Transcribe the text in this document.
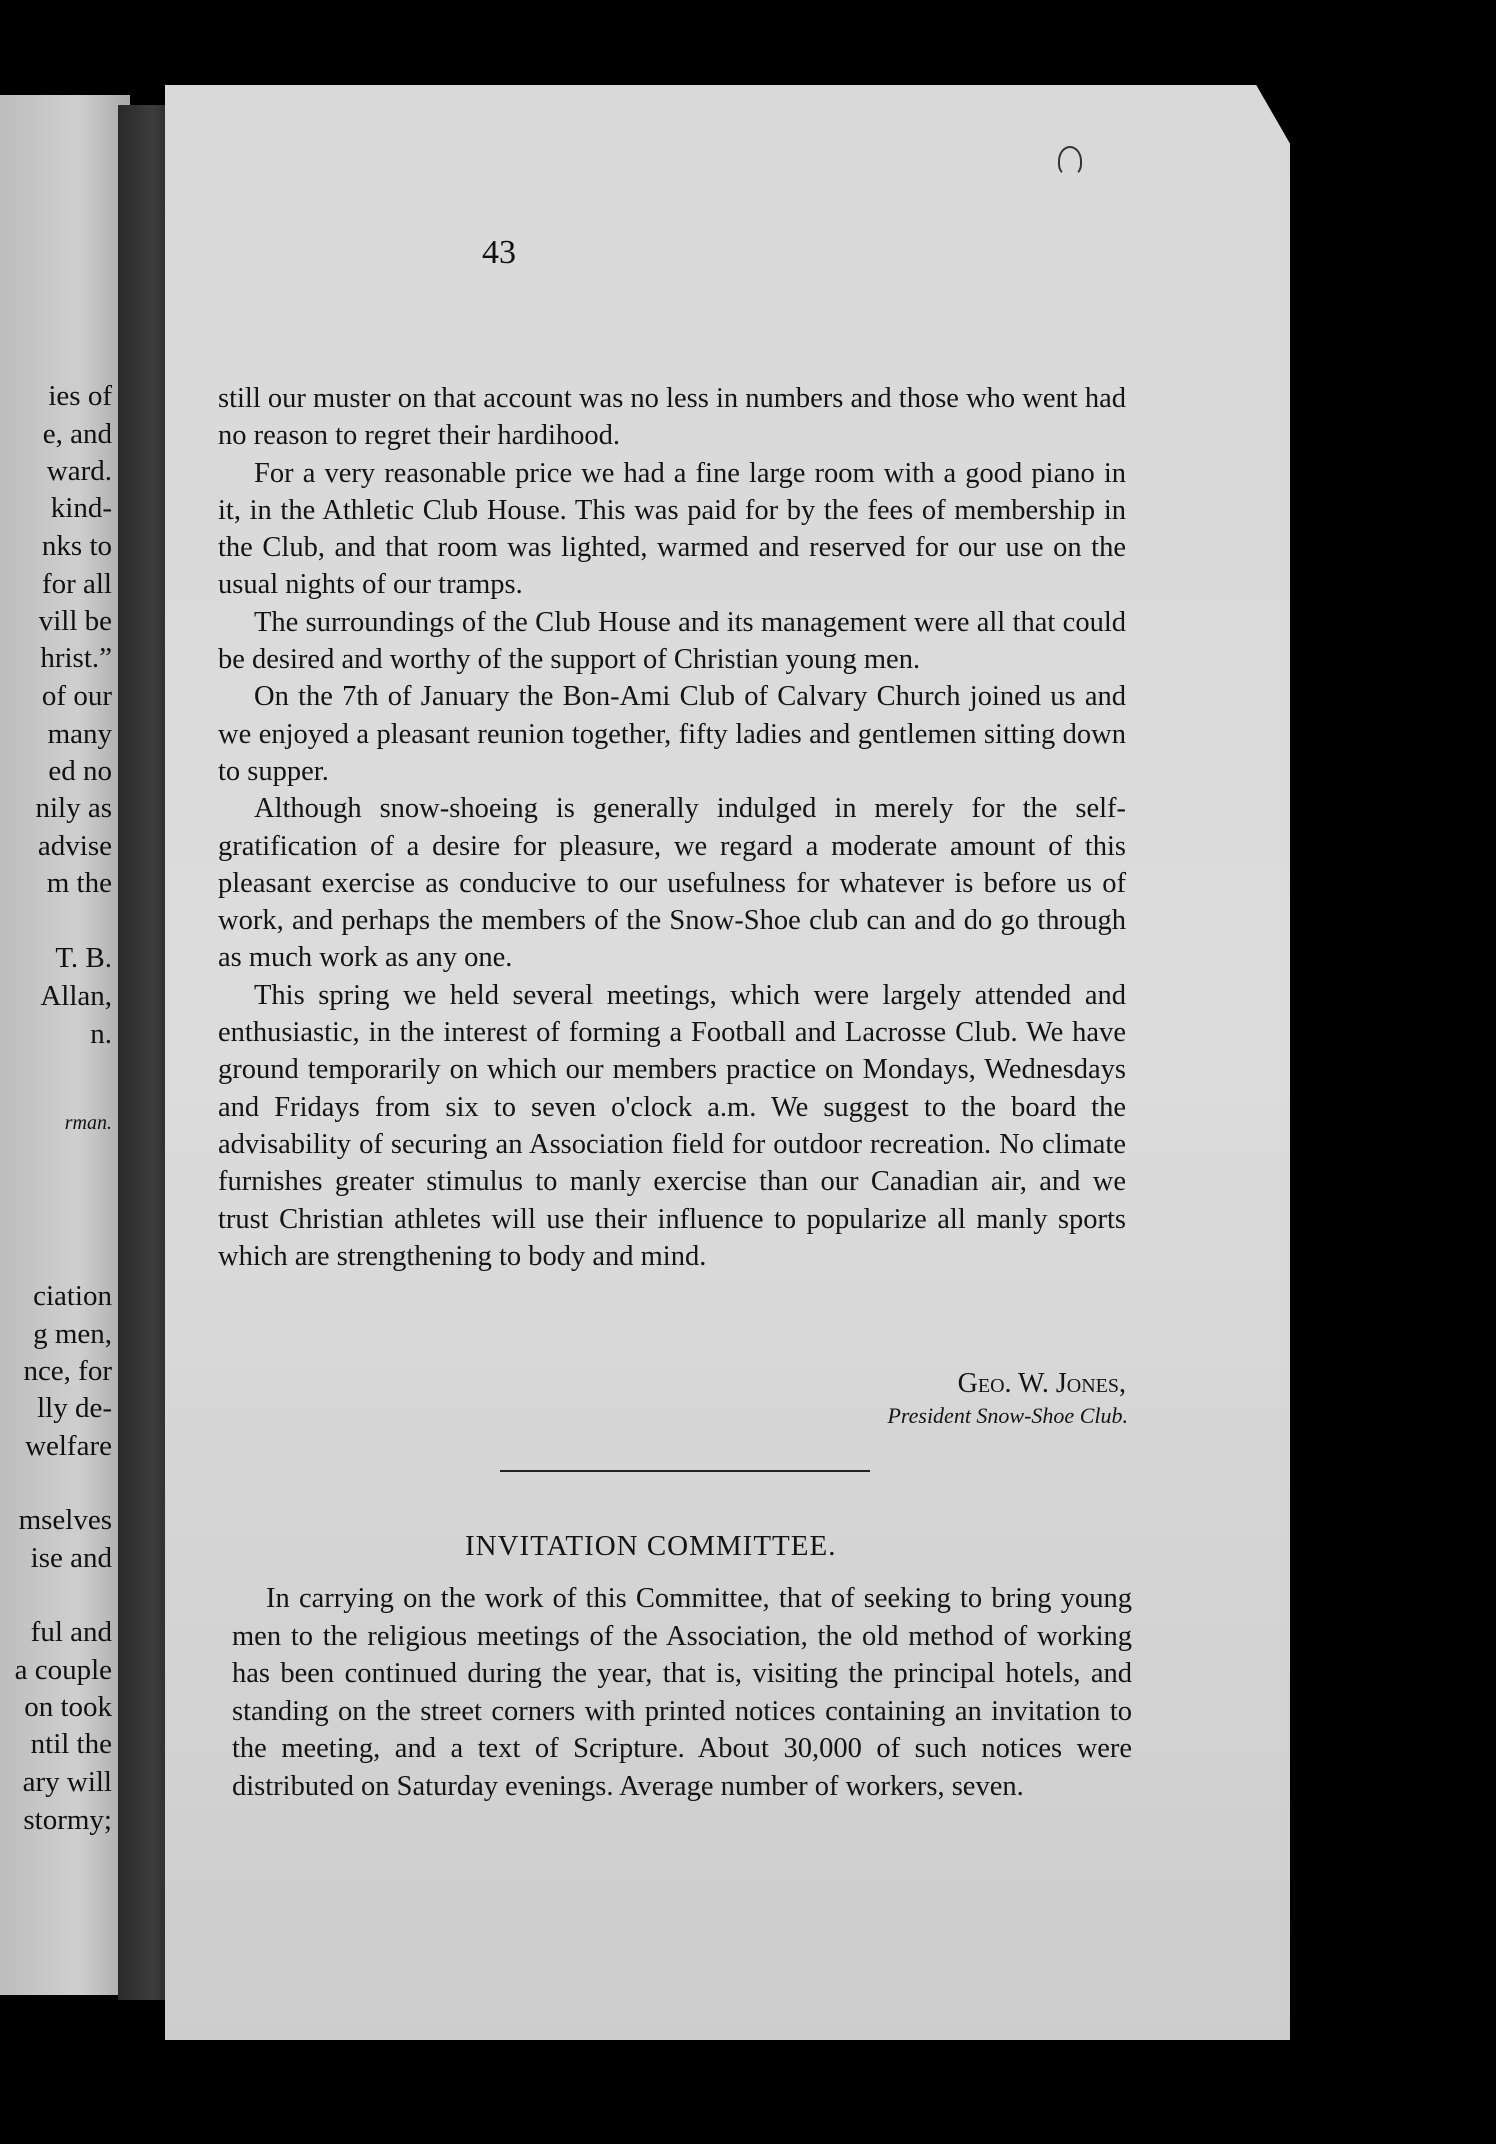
ies of
e, and
ward.
kind-
nks to
for all
vill be
hrist.”
of our
many
ed no
nily as
advise
m the
T. B.
Allan,
n.
rman.
ciation
g men,
nce, for
lly de-
welfare
mselves
ise and
ful and
a couple
on took
ntil the
ary will
stormy;
43

still our muster on that account was no less in numbers and those who went had no reason to regret their hardihood.

For a very reasonable price we had a fine large room with a good piano in it, in the Athletic Club House. This was paid for by the fees of membership in the Club, and that room was lighted, warmed and reserved for our use on the usual nights of our tramps.

The surroundings of the Club House and its management were all that could be desired and worthy of the support of Christian young men.

On the 7th of January the Bon-Ami Club of Calvary Church joined us and we enjoyed a pleasant reunion together, fifty ladies and gentlemen sitting down to supper.

Although snow-shoeing is generally indulged in merely for the self-gratification of a desire for pleasure, we regard a moderate amount of this pleasant exercise as conducive to our usefulness for whatever is before us of work, and perhaps the members of the Snow-Shoe club can and do go through as much work as any one.

This spring we held several meetings, which were largely attended and enthusiastic, in the interest of forming a Football and Lacrosse Club. We have ground temporarily on which our members practice on Mondays, Wednesdays and Fridays from six to seven o'clock a.m. We suggest to the board the advisability of securing an Association field for outdoor recreation. No climate furnishes greater stimulus to manly exercise than our Canadian air, and we trust Christian athletes will use their influence to popularize all manly sports which are strengthening to body and mind.

Geo. W. Jones,
President Snow-Shoe Club.
INVITATION COMMITTEE.

In carrying on the work of this Committee, that of seeking to bring young men to the religious meetings of the Association, the old method of working has been continued during the year, that is, visiting the principal hotels, and standing on the street corners with printed notices containing an invitation to the meeting, and a text of Scripture. About 30,000 of such notices were distributed on Saturday evenings. Average number of workers, seven.
